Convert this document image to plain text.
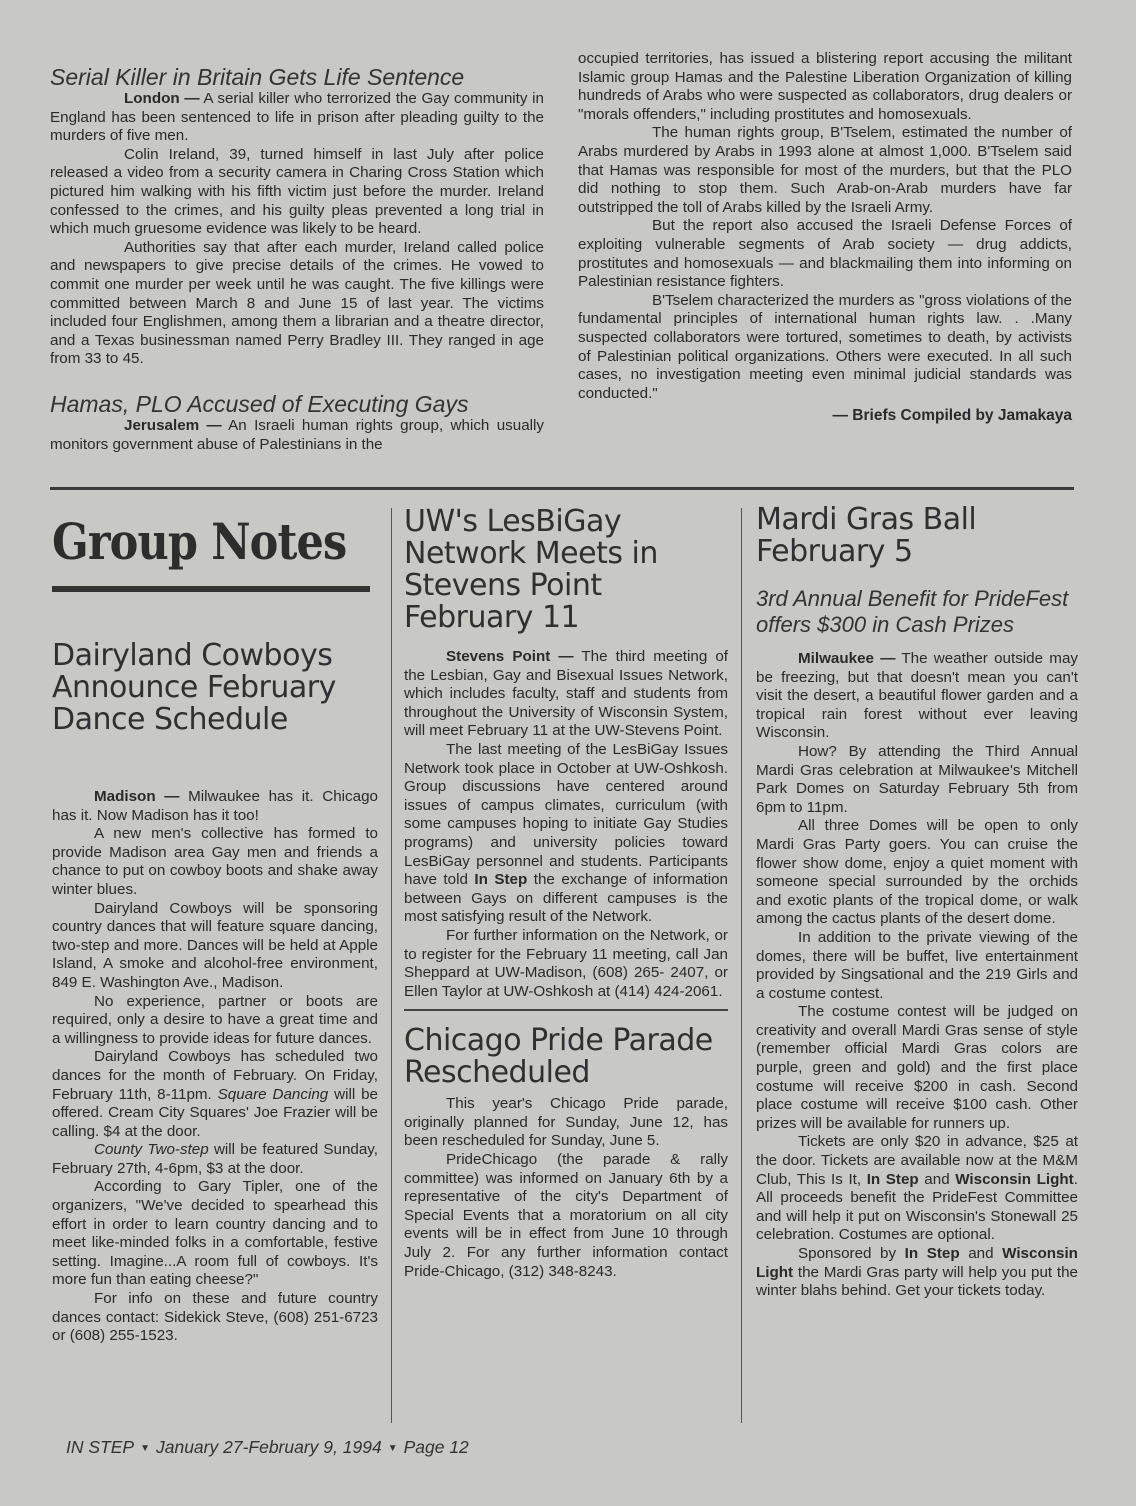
Serial Killer in Britain Gets Life Sentence

London — A serial killer who terrorized the Gay community in England has been sentenced to life in prison after pleading guilty to the murders of five men.

Colin Ireland, 39, turned himself in last July after police released a video from a security camera in Charing Cross Station which pictured him walking with his fifth victim just before the murder. Ireland confessed to the crimes, and his guilty pleas prevented a long trial in which much gruesome evidence was likely to be heard.

Authorities say that after each murder, Ireland called police and newspapers to give precise details of the crimes. He vowed to commit one murder per week until he was caught. The five killings were committed between March 8 and June 15 of last year. The victims included four Englishmen, among them a librarian and a theatre director, and a Texas businessman named Perry Bradley III. They ranged in age from 33 to 45.

Hamas, PLO Accused of Executing Gays

Jerusalem — An Israeli human rights group, which usually monitors government abuse of Palestinians in the

occupied territories, has issued a blistering report accusing the militant Islamic group Hamas and the Palestine Liberation Organization of killing hundreds of Arabs who were suspected as collaborators, drug dealers or "morals offenders," including prostitutes and homosexuals.

The human rights group, B'Tselem, estimated the number of Arabs murdered by Arabs in 1993 alone at almost 1,000. B'Tselem said that Hamas was responsible for most of the murders, but that the PLO did nothing to stop them. Such Arab-on-Arab murders have far outstripped the toll of Arabs killed by the Israeli Army.

But the report also accused the Israeli Defense Forces of exploiting vulnerable segments of Arab society — drug addicts, prostitutes and homosexuals — and blackmailing them into informing on Palestinian resistance fighters.

B'Tselem characterized the murders as "gross violations of the fundamental principles of international human rights law. . .Many suspected collaborators were tortured, sometimes to death, by activists of Palestinian political organizations. Others were executed. In all such cases, no investigation meeting even minimal judicial standards was conducted."

— Briefs Compiled by Jamakaya
Group Notes
Dairyland Cowboys Announce February Dance Schedule

Madison — Milwaukee has it. Chicago has it. Now Madison has it too!

A new men's collective has formed to provide Madison area Gay men and friends a chance to put on cowboy boots and shake away winter blues.

Dairyland Cowboys will be sponsoring country dances that will feature square dancing, two-step and more. Dances will be held at Apple Island, A smoke and alcohol-free environment, 849 E. Washington Ave., Madison.

No experience, partner or boots are required, only a desire to have a great time and a willingness to provide ideas for future dances.

Dairyland Cowboys has scheduled two dances for the month of February. On Friday, February 11th, 8-11pm. Square Dancing will be offered. Cream City Squares' Joe Frazier will be calling. $4 at the door.

County Two-step will be featured Sunday, February 27th, 4-6pm, $3 at the door.

According to Gary Tipler, one of the organizers, "We've decided to spearhead this effort in order to learn country dancing and to meet like-minded folks in a comfortable, festive setting. Imagine...A room full of cowboys. It's more fun than eating cheese?"

For info on these and future country dances contact: Sidekick Steve, (608) 251-6723 or (608) 255-1523.

UW's LesBiGay Network Meets in Stevens Point February 11

Stevens Point — The third meeting of the Lesbian, Gay and Bisexual Issues Network, which includes faculty, staff and students from throughout the University of Wisconsin System, will meet February 11 at the UW-Stevens Point.

The last meeting of the LesBiGay Issues Network took place in October at UW-Oshkosh. Group discussions have centered around issues of campus climates, curriculum (with some campuses hoping to initiate Gay Studies programs) and university policies toward LesBiGay personnel and students. Participants have told In Step the exchange of information between Gays on different campuses is the most satisfying result of the Network.

For further information on the Network, or to register for the February 11 meeting, call Jan Sheppard at UW-Madison, (608) 265- 2407, or Ellen Taylor at UW-Oshkosh at (414) 424-2061.

Chicago Pride Parade Rescheduled

This year's Chicago Pride parade, originally planned for Sunday, June 12, has been rescheduled for Sunday, June 5.

PrideChicago (the parade & rally committee) was informed on January 6th by a representative of the city's Department of Special Events that a moratorium on all city events will be in effect from June 10 through July 2. For any further information contact Pride-Chicago, (312) 348-8243.

Mardi Gras Ball February 5
3rd Annual Benefit for PrideFest offers $300 in Cash Prizes

Milwaukee — The weather outside may be freezing, but that doesn't mean you can't visit the desert, a beautiful flower garden and a tropical rain forest without ever leaving Wisconsin.

How? By attending the Third Annual Mardi Gras celebration at Milwaukee's Mitchell Park Domes on Saturday February 5th from 6pm to 11pm.

All three Domes will be open to only Mardi Gras Party goers. You can cruise the flower show dome, enjoy a quiet moment with someone special surrounded by the orchids and exotic plants of the tropical dome, or walk among the cactus plants of the desert dome.

In addition to the private viewing of the domes, there will be buffet, live entertainment provided by Singsational and the 219 Girls and a costume contest.

The costume contest will be judged on creativity and overall Mardi Gras sense of style (remember official Mardi Gras colors are purple, green and gold) and the first place costume will receive $200 in cash. Second place costume will receive $100 cash. Other prizes will be available for runners up.

Tickets are only $20 in advance, $25 at the door. Tickets are available now at the M&M Club, This Is It, In Step and Wisconsin Light. All proceeds benefit the PrideFest Committee and will help it put on Wisconsin's Stonewall 25 celebration. Costumes are optional.

Sponsored by In Step and Wisconsin Light the Mardi Gras party will help you put the winter blahs behind. Get your tickets today.

IN STEP ▼ January 27-February 9, 1994 ▼ Page 12
